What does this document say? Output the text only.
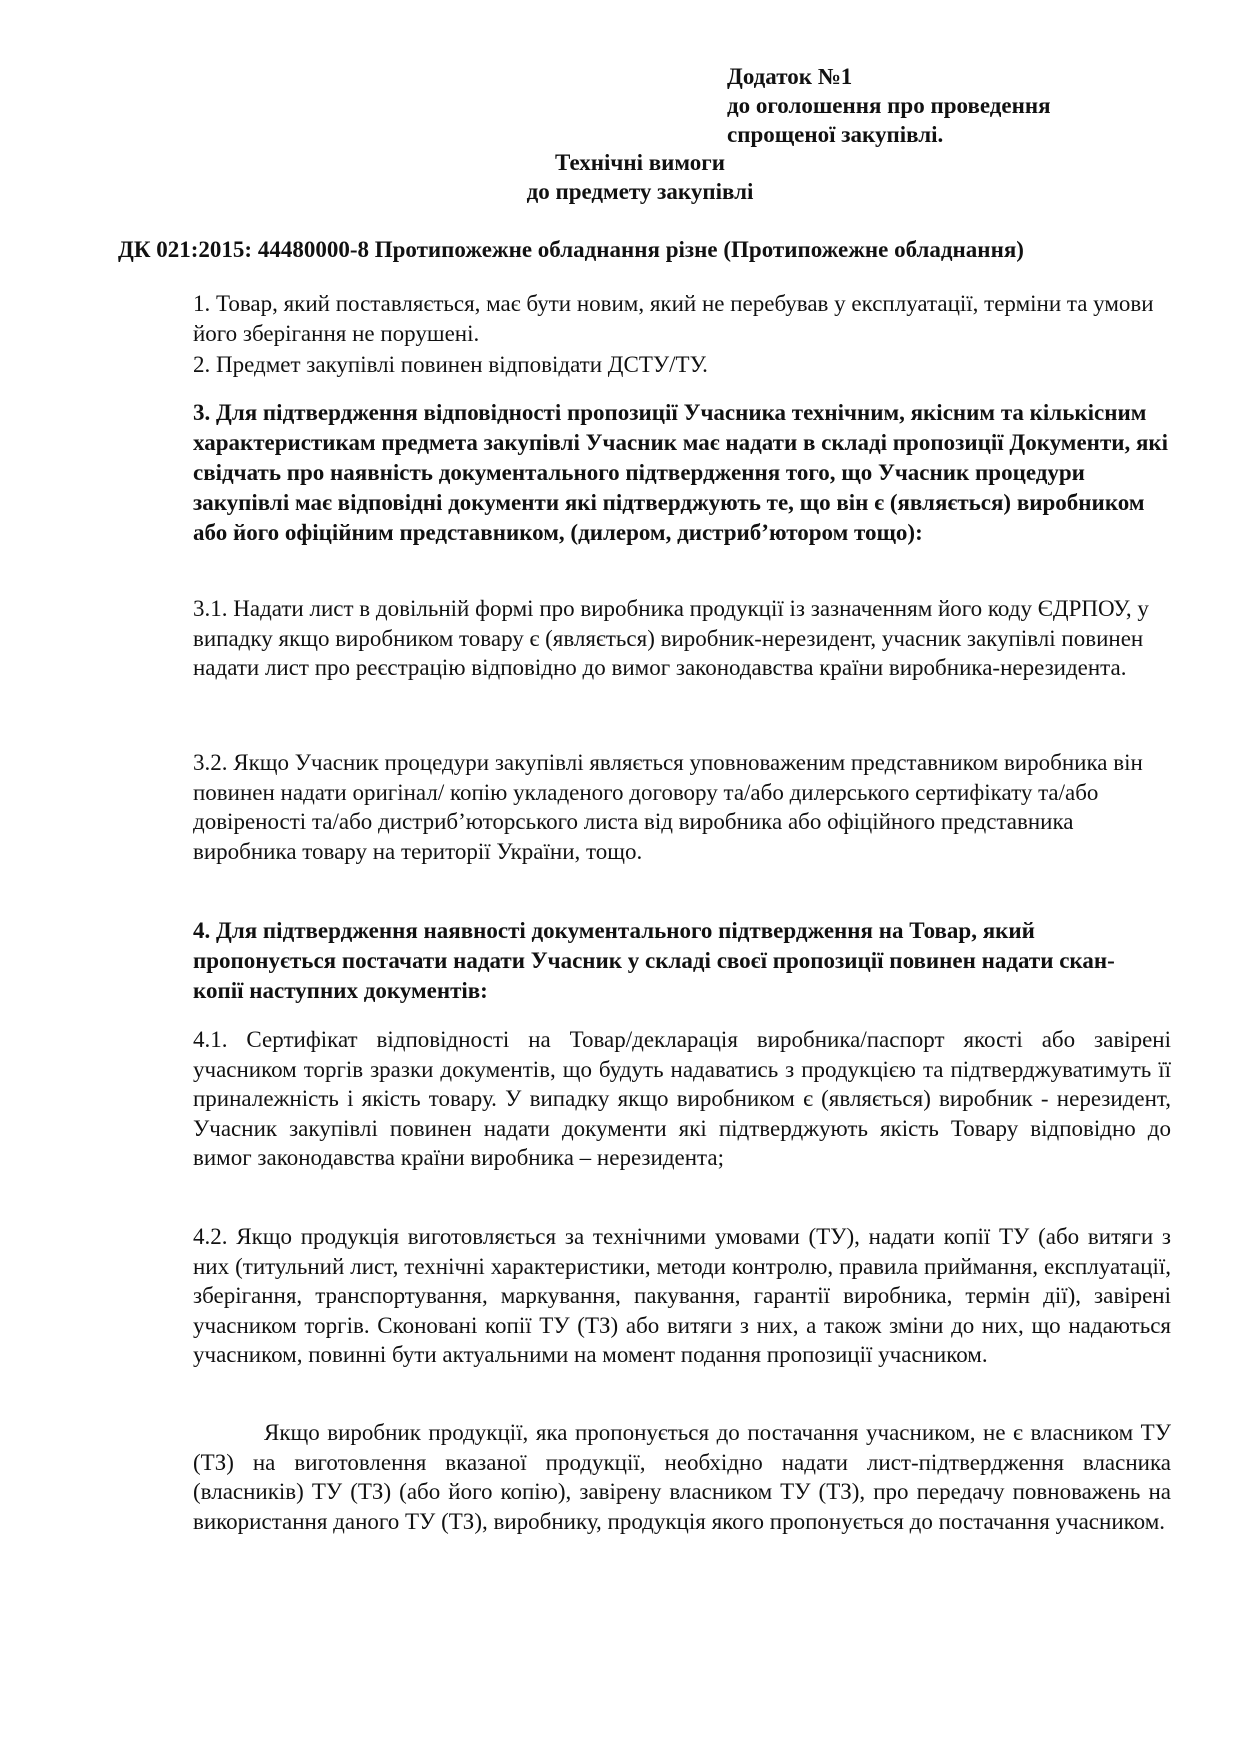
Додаток №1
до оголошення про проведення
спрощеної закупівлі.
Технічні вимоги
до предмету закупівлі
ДК 021:2015: 44480000-8 Протипожежне обладнання різне (Протипожежне обладнання)

1. Товар, який поставляється, має бути новим, який не перебував у експлуатації, терміни та умови його зберігання не порушені.

2. Предмет закупівлі повинен відповідати ДСТУ/ТУ.

3. Для підтвердження відповідності пропозиції Учасника технічним, якісним та кількісним характеристикам предмета закупівлі Учасник має надати в складі пропозиції Документи, які свідчать про наявність документального підтвердження того, що Учасник процедури закупівлі має відповідні документи які підтверджують те, що він є (являється) виробником або його офіційним представником, (дилером, дистриб’ютором тощо):

3.1. Надати лист в довільній формі про виробника продукції із зазначенням його коду ЄДРПОУ, у випадку якщо виробником товару є (являється) виробник-нерезидент, учасник закупівлі повинен надати лист про реєстрацію відповідно до вимог законодавства країни виробника-нерезидента.

3.2. Якщо Учасник процедури закупівлі являється уповноваженим представником виробника він повинен надати оригінал/ копію укладеного договору та/або дилерського сертифікату та/або довіреності та/або дистриб’юторського листа від виробника або офіційного представника виробника товару на території України, тощо.

4. Для підтвердження наявності документального підтвердження на Товар, який пропонується постачати надати Учасник у складі своєї пропозиції повинен надати скан- копії наступних документів:

4.1. Сертифікат відповідності на Товар/декларація виробника/паспорт якості або завірені учасником торгів зразки документів, що будуть надаватись з продукцією та підтверджуватимуть її приналежність і якість товару. У випадку якщо виробником є (являється) виробник - нерезидент, Учасник закупівлі повинен надати документи які підтверджують якість Товару відповідно до вимог законодавства країни виробника – нерезидента;

4.2. Якщо продукція виготовляється за технічними умовами (ТУ), надати копії ТУ (або витяги з них (титульний лист, технічні характеристики, методи контролю, правила приймання, експлуатації, зберігання, транспортування, маркування, пакування, гарантії виробника, термін дії), завірені учасником торгів. Сконовані копії ТУ (ТЗ) або витяги з них, а також зміни до них, що надаються учасником, повинні бути актуальними на момент подання пропозиції учасником.

Якщо виробник продукції, яка пропонується до постачання учасником, не є власником ТУ (ТЗ) на виготовлення вказаної продукції, необхідно надати лист-підтвердження власника (власників) ТУ (ТЗ) (або його копію), завірену власником ТУ (ТЗ), про передачу повноважень на використання даного ТУ (ТЗ), виробнику, продукція якого пропонується до постачання учасником.
